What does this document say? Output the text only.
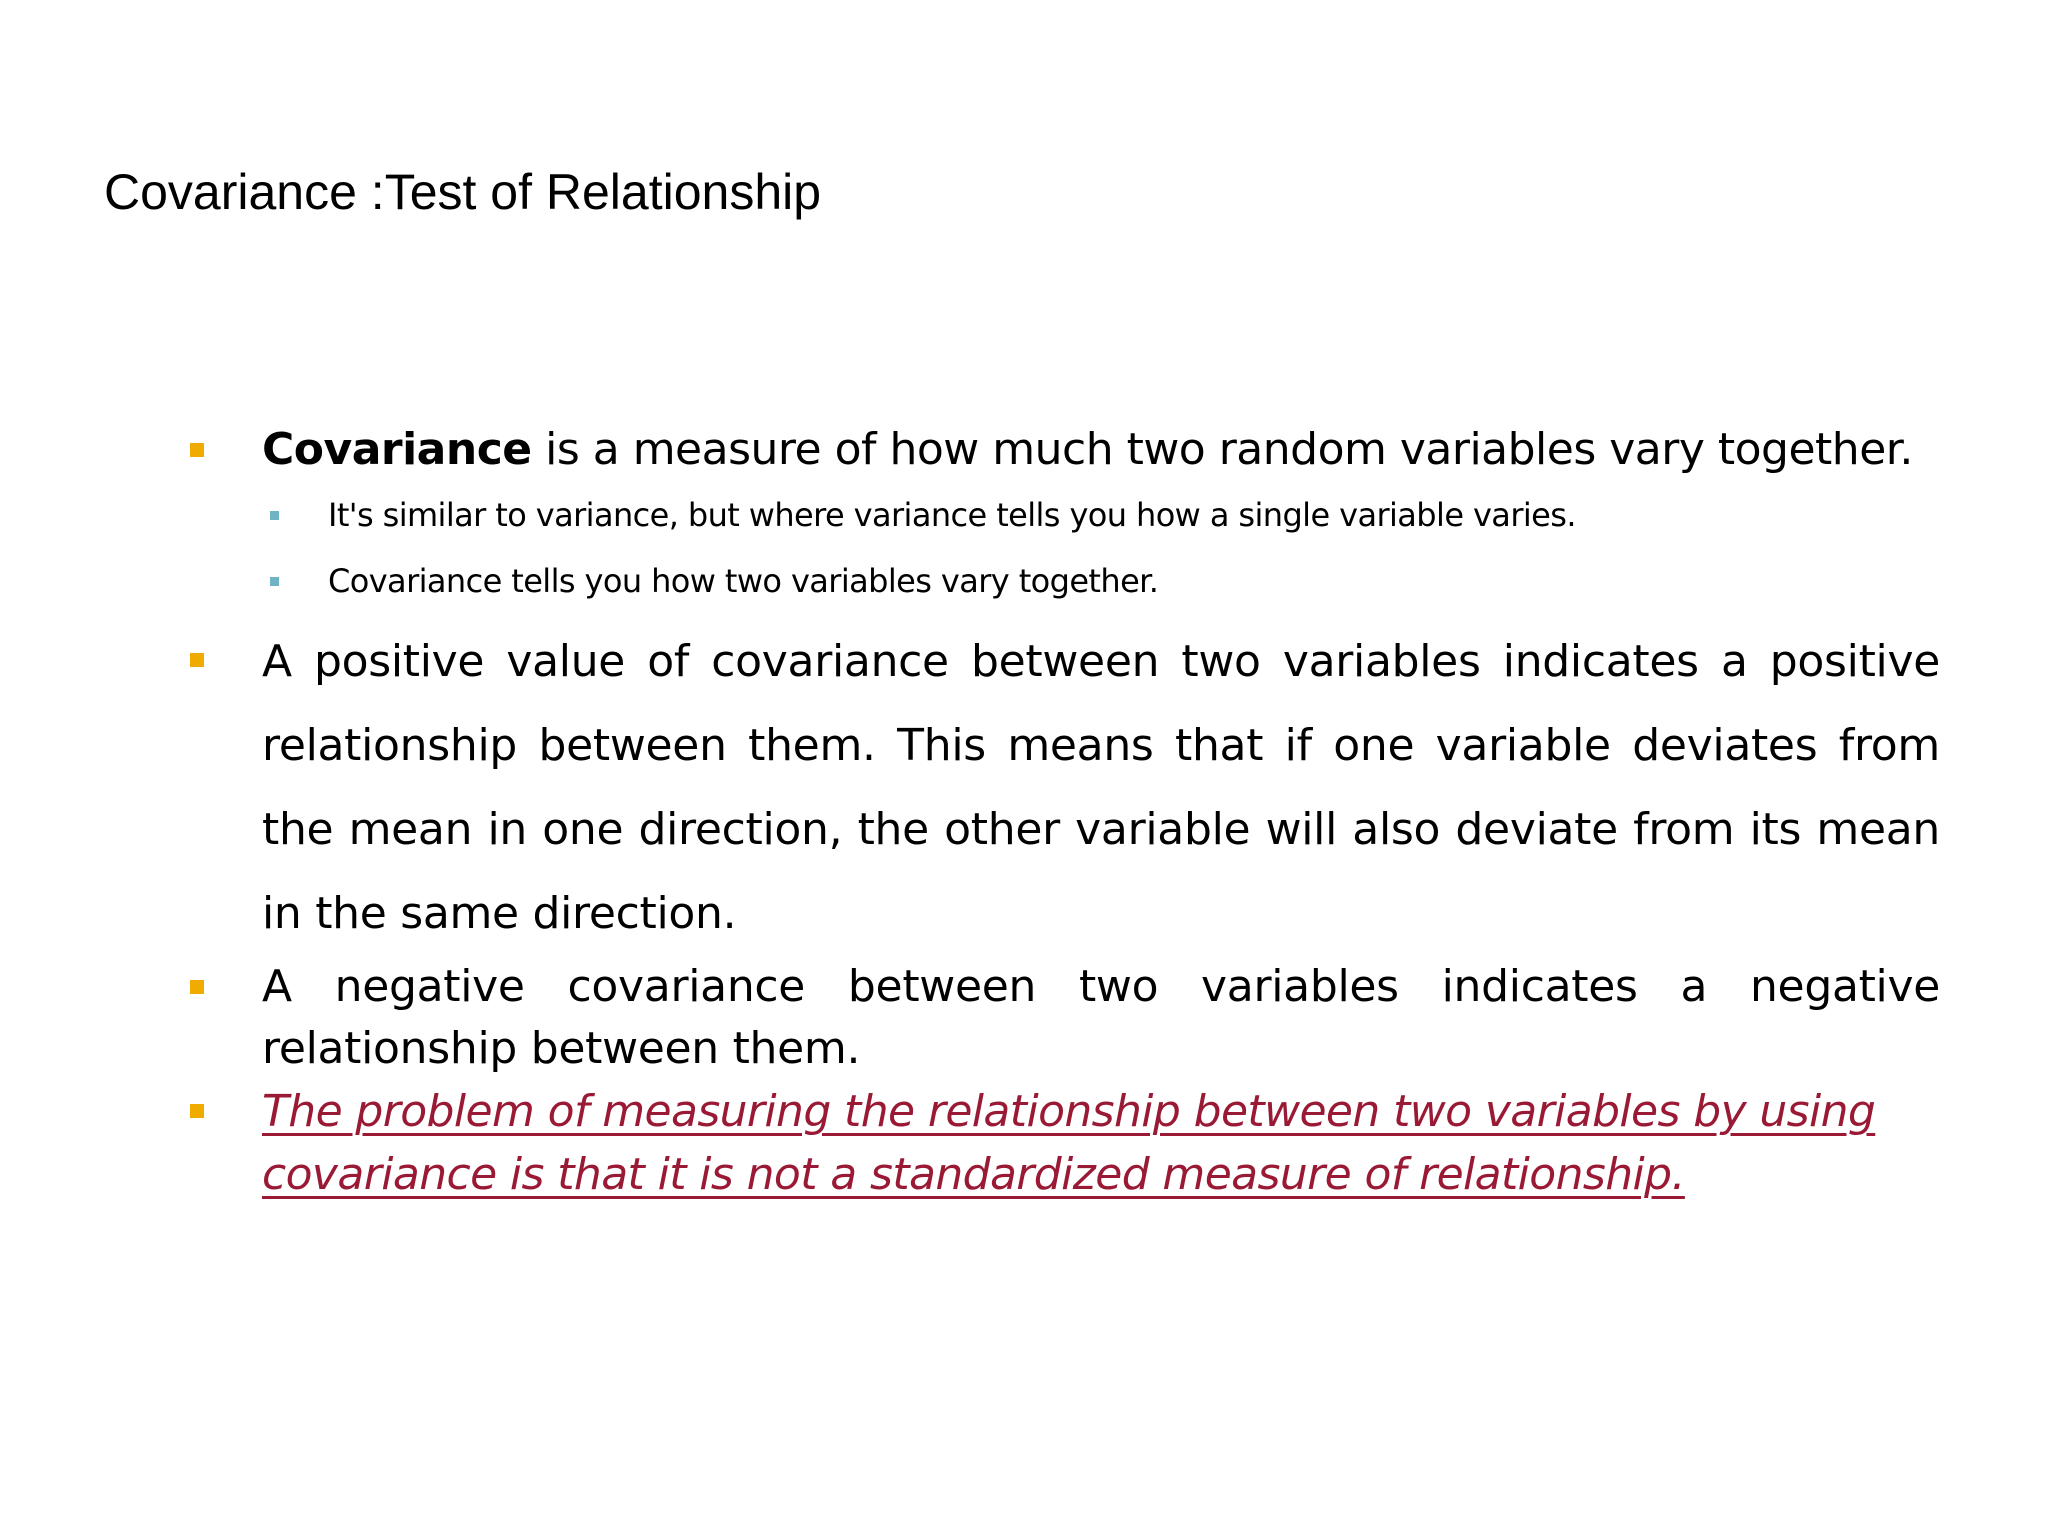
Covariance :Test of Relationship
Covariance is a measure of how much two random variables vary together.
It's similar to variance, but where variance tells you how a single variable varies.
Covariance tells you how two variables vary together.
A positive value of covariance between two variables indicates a positive relationship between them. This means that if one variable deviates from the mean in one direction, the other variable will also deviate from its mean in the same direction.
A negative covariance between two variables indicates a negative relationship between them.
The problem of measuring the relationship between two variables by using covariance is that it is not a standardized measure of relationship.
